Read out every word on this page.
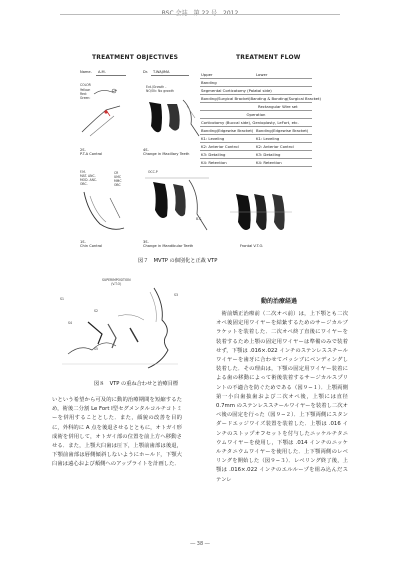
BSC 会誌　第 22 号　2012
TREATMENT OBJECTIVES	TREATMENT FLOW
Name. A.M.	Dr. T.WAJIMA
COLOR
Yellow:
Red:
Green:
Ext./Growth -
NO/Ok: No growth
2S.
P.T.A Control
4S.
Change in Maxillary Teeth
F.M.
MAT. ANC.
MOD. ANC.
OBC.
CR
UMC
MMC
OBC
1S.
Chin Control
OCC.P
B.S.
3S.
Change in Mandibular Teeth
Upper	Lower
Banding
Segmental Corticotomy (Palatal side)
Bonding(Surgical Bracket) Banding & Bonding(Surgical Bracket)
Rectangular Wire set
Operation
Corticotomy (Buccal side), Genioplasty, LeFort, etc.
Bonding(Edgewise Bracket) Bonding(Edgewise Bracket)
K1: Leveling	K1: Leveling
K2: Anterior Control	K2: Anterior Control
K3: Detailing	K3: Detailing
K4: Retention	K4: Retention
Frontal V.T.O.
図７　MVTP の個別化と正裁 VTP
SUPERIMPOSITION
(V.T.O)
S1
S2
S3
S4
S5
図８　VTP の重ね合わせと治療目標
動的治療経過

術前矯正治療前（二次オペ前）は，上下顎とも二次オペ後固定用ワイヤーを結紮するためのサージカルブラケットを装着した．二次オペ終了直後にワイヤーを装着するため上顎の固定用ワイヤーは準備のみで装着せず，下顎は .016×.022 インチのステンレススチールワイヤーを歯牙に合わせてパッシブにベンディングし装着した．その理由は，下顎の固定用ワイヤー装着による歯の移動によって術後装着するサージカルスプリントの不適合を防ぐためである（図９−１）．上顎両側第一小臼歯抜歯および二次オペ後，上顎には直径 0.7mm のステンレススチールワイヤーを装着し二次オペ後の固定を行った（図９−２）．上下顎両側にスタンダードエッジワイズ装置を装着した．上顎は .016 インチのストップオフセットを付与したニッケルチタニウムワイヤーを使用し，下顎は .014 インチのニッケルチタニウムワイヤーを使用した．上下顎両側のレベリングを開始した（図９−３）．レベリング終了後，上顎は .016×.022 インチのエルループを組み込んだステンレ

いという希望から可及的に動的治療期間を短縮するため，術後二分割 Le Fort Ⅰ型セグメンタルコルチコトミーを併用することとした．また，顔貌の改善を目的に，外科的に A 点を後退させるとともに，オトガイ形成術を併用して，オトガイ部の位置を前上方へ移動させる．また，上顎大臼歯は圧下，上顎前歯部は後退，下顎前歯部は唇側傾斜しないようにホールド，下顎大臼歯は遠心および頬側へのアップライトを計画した．
― 38 ―
